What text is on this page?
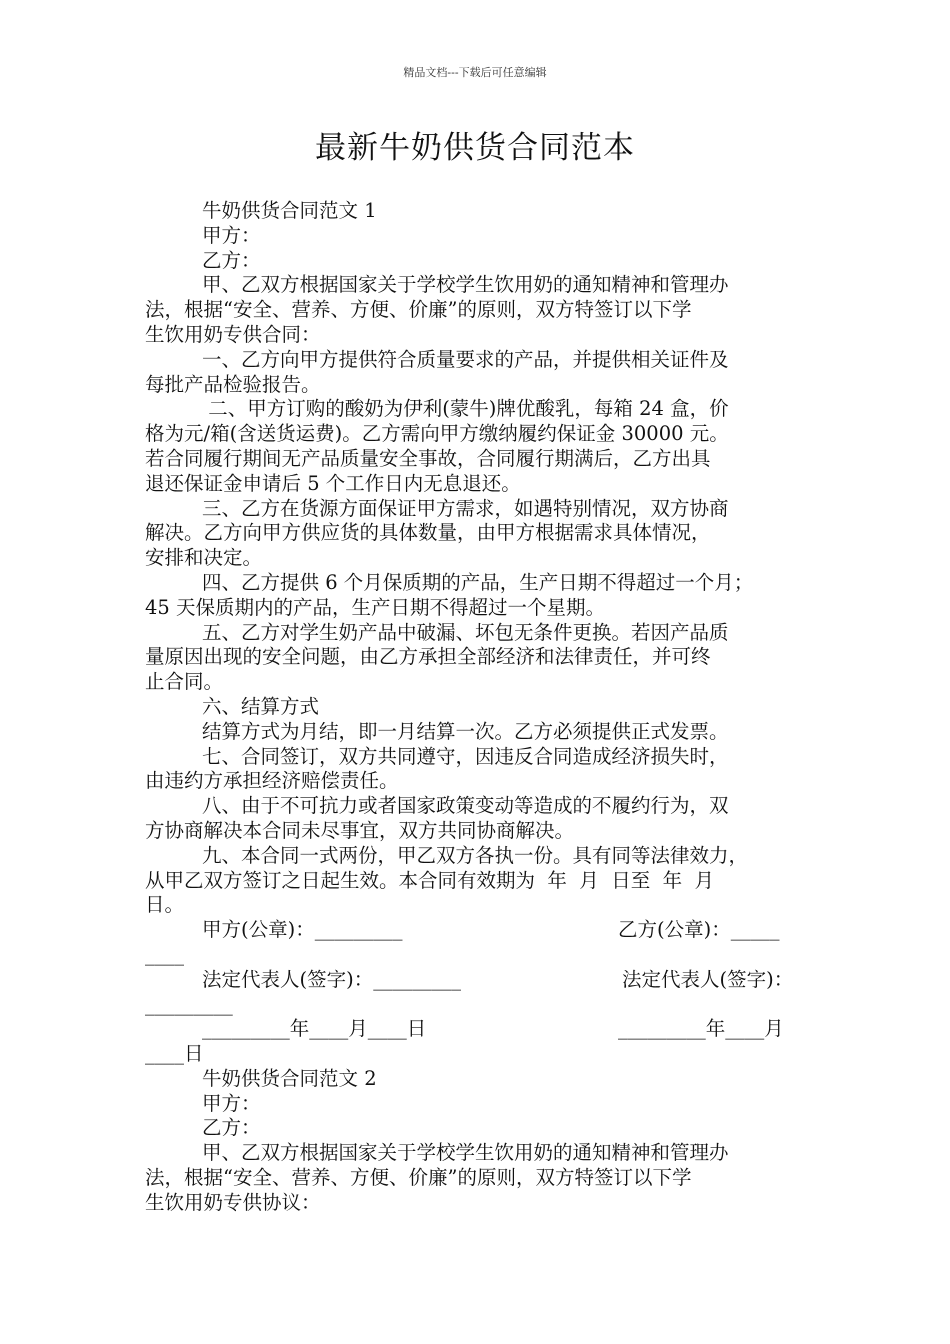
精品文档---下载后可任意编辑
最新牛奶供货合同范本
牛奶供货合同范文 1
甲方：
乙方：
甲、乙双方根据国家关于学校学生饮用奶的通知精神和管理办
法，根据“安全、营养、方便、价廉”的原则，双方特签订以下学
生饮用奶专供合同：
一、乙方向甲方提供符合质量要求的产品，并提供相关证件及
每批产品检验报告。
二、甲方订购的酸奶为伊利(蒙牛)牌优酸乳，每箱 24 盒，价
格为元/箱(含送货运费)。乙方需向甲方缴纳履约保证金 30000 元。
若合同履行期间无产品质量安全事故，合同履行期满后，乙方出具
退还保证金申请后 5 个工作日内无息退还。
三、乙方在货源方面保证甲方需求，如遇特别情况，双方协商
解决。乙方向甲方供应货的具体数量，由甲方根据需求具体情况，
安排和决定。
四、乙方提供 6 个月保质期的产品，生产日期不得超过一个月；
45 天保质期内的产品，生产日期不得超过一个星期。
五、乙方对学生奶产品中破漏、坏包无条件更换。若因产品质
量原因出现的安全问题，由乙方承担全部经济和法律责任，并可终
止合同。
六、结算方式
结算方式为月结，即一月结算一次。乙方必须提供正式发票。
七、合同签订，双方共同遵守，因违反合同造成经济损失时，
由违约方承担经济赔偿责任。
八、由于不可抗力或者国家政策变动等造成的不履约行为，双
方协商解决本合同未尽事宜，双方共同协商解决。
九、本合同一式两份，甲乙双方各执一份。具有同等法律效力，
从甲乙双方签订之日起生效。本合同有效期为  年  月  日至  年  月
日。

甲方(公章)：_________

	乙方(公章)：_____

____

法定代表人(签字)：_________

	法定代表人(签字)：

_________

_________年____月____日

	_________年____月

____日
牛奶供货合同范文 2
甲方：
乙方：
甲、乙双方根据国家关于学校学生饮用奶的通知精神和管理办
法，根据“安全、营养、方便、价廉”的原则，双方特签订以下学
生饮用奶专供协议：
